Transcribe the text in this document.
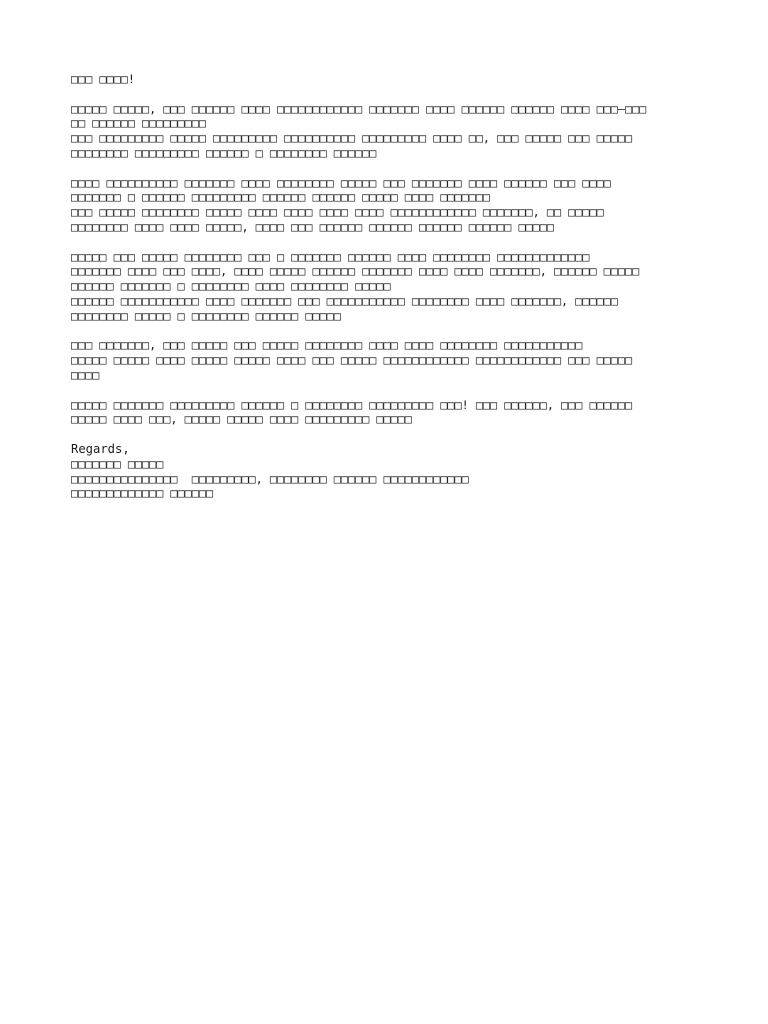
□□□ □□□□!
□□□□□ □□□□□, □□□ □□□□□□ □□□□ □□□□□□□□□□□□ □□□□□□□ □□□□ □□□□□□ □□□□□□ □□□□ □□□—□□□
□□ □□□□□□ □□□□□□□□□
□□□ □□□□□□□□□ □□□□□ □□□□□□□□□ □□□□□□□□□□ □□□□□□□□□ □□□□ □□, □□□ □□□□□ □□□ □□□□□
□□□□□□□□ □□□□□□□□□ □□□□□□ □ □□□□□□□□ □□□□□□
□□□□ □□□□□□□□□□ □□□□□□□ □□□□ □□□□□□□□ □□□□□ □□□ □□□□□□□ □□□□ □□□□□□ □□□ □□□□
□□□□□□□ □ □□□□□□ □□□□□□□□□ □□□□□□ □□□□□□ □□□□□ □□□□ □□□□□□□
□□□ □□□□□ □□□□□□□□ □□□□□ □□□□ □□□□ □□□□ □□□□ □□□□□□□□□□□□ □□□□□□□, □□ □□□□□
□□□□□□□□ □□□□ □□□□ □□□□□, □□□□ □□□ □□□□□□ □□□□□□ □□□□□□ □□□□□□ □□□□□
□□□□□ □□□ □□□□□ □□□□□□□□ □□□ □ □□□□□□□ □□□□□□ □□□□ □□□□□□□□ □□□□□□□□□□□□□
□□□□□□□ □□□□ □□□ □□□□, □□□□ □□□□□ □□□□□□ □□□□□□□ □□□□ □□□□ □□□□□□□, □□□□□□ □□□□□
□□□□□□ □□□□□□□ □ □□□□□□□□ □□□□ □□□□□□□□ □□□□□
□□□□□□ □□□□□□□□□□□ □□□□ □□□□□□□ □□□ □□□□□□□□□□□ □□□□□□□□ □□□□ □□□□□□□, □□□□□□
□□□□□□□□ □□□□□ □ □□□□□□□□ □□□□□□ □□□□□
□□□ □□□□□□□, □□□ □□□□□ □□□ □□□□□ □□□□□□□□ □□□□ □□□□ □□□□□□□□ □□□□□□□□□□□
□□□□□ □□□□□ □□□□ □□□□□ □□□□□ □□□□ □□□ □□□□□ □□□□□□□□□□□□ □□□□□□□□□□□□ □□□ □□□□□
□□□□
□□□□□ □□□□□□□ □□□□□□□□□ □□□□□□ □ □□□□□□□□ □□□□□□□□□ □□□! □□□ □□□□□□, □□□ □□□□□□
□□□□□ □□□□ □□□, □□□□□ □□□□□ □□□□ □□□□□□□□□ □□□□□
Regards,
□□□□□□□ □□□□□
□□□□□□□□□□□□□□□  □□□□□□□□□, □□□□□□□□ □□□□□□ □□□□□□□□□□□□
□□□□□□□□□□□□□ □□□□□□
